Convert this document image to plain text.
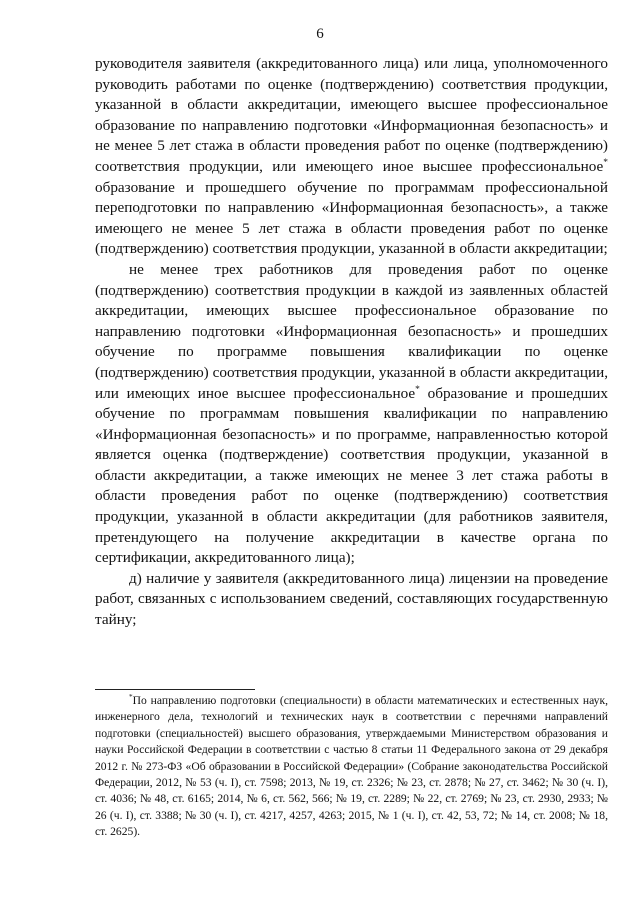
6

руководителя заявителя (аккредитованного лица) или лица, уполномоченного руководить работами по оценке (подтверждению) соответствия продукции, указанной в области аккредитации, имеющего высшее профессиональное образование по направлению подготовки «Информационная безопасность» и не менее 5 лет стажа в области проведения работ по оценке (подтверждению) соответствия продукции, или имеющего иное высшее профессиональное* образование и прошедшего обучение по программам профессиональной переподготовки по направлению «Информационная безопасность», а также имеющего не менее 5 лет стажа в области проведения работ по оценке (подтверждению) соответствия продукции, указанной в области аккредитации;

не менее трех работников для проведения работ по оценке (подтверждению) соответствия продукции в каждой из заявленных областей аккредитации, имеющих высшее профессиональное образование по направлению подготовки «Информационная безопасность» и прошедших обучение по программе повышения квалификации по оценке (подтверждению) соответствия продукции, указанной в области аккредитации, или имеющих иное высшее профессиональное* образование и прошедших обучение по программам повышения квалификации по направлению «Информационная безопасность» и по программе, направленностью которой является оценка (подтверждение) соответствия продукции, указанной в области аккредитации, а также имеющих не менее 3 лет стажа работы в области проведения работ по оценке (подтверждению) соответствия продукции, указанной в области аккредитации (для работников заявителя, претендующего на получение аккредитации в качестве органа по сертификации, аккредитованного лица);

д) наличие у заявителя (аккредитованного лица) лицензии на проведение работ, связанных с использованием сведений, составляющих государственную тайну;

*По направлению подготовки (специальности) в области математических и естественных наук, инженерного дела, технологий и технических наук в соответствии с перечнями направлений подготовки (специальностей) высшего образования, утверждаемыми Министерством образования и науки Российской Федерации в соответствии с частью 8 статьи 11 Федерального закона от 29 декабря 2012 г. № 273-ФЗ «Об образовании в Российской Федерации» (Собрание законодательства Российской Федерации, 2012, № 53 (ч. I), ст. 7598; 2013, № 19, ст. 2326; № 23, ст. 2878; № 27, ст. 3462; № 30 (ч. I), ст. 4036; № 48, ст. 6165; 2014, № 6, ст. 562, 566; № 19, ст. 2289; № 22, ст. 2769; № 23, ст. 2930, 2933; № 26 (ч. I), ст. 3388; № 30 (ч. I), ст. 4217, 4257, 4263; 2015, № 1 (ч. I), ст. 42, 53, 72; № 14, ст. 2008; № 18, ст. 2625).
